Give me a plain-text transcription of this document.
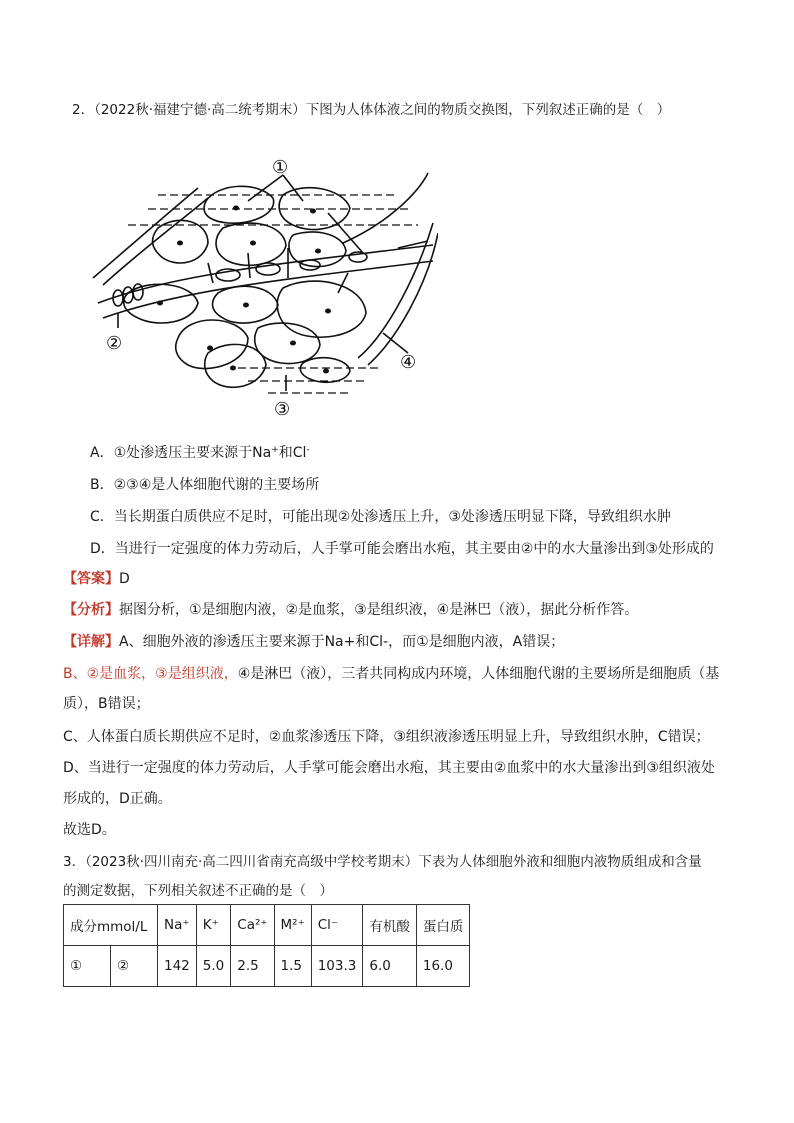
2．（2022秋·福建宁德·高二统考期末）下图为人体体液之间的物质交换图，下列叙述正确的是（　）
①
②
③
④
A．①处渗透压主要来源于Na+和Cl-
B．②③④是人体细胞代谢的主要场所
C．当长期蛋白质供应不足时，可能出现②处渗透压上升，③处渗透压明显下降，导致组织水肿
D．当进行一定强度的体力劳动后，人手掌可能会磨出水疱，其主要由②中的水大量渗出到③处形成的
【答案】D
【分析】据图分析，①是细胞内液，②是血浆，③是组织液，④是淋巴（液），据此分析作答。
【详解】A、细胞外液的渗透压主要来源于Na+和Cl-，而①是细胞内液，A错误；
B、②是血浆，③是组织液，④是淋巴（液），三者共同构成内环境，人体细胞代谢的主要场所是细胞质（基
质），B错误；
C、人体蛋白质长期供应不足时，②血浆渗透压下降，③组织液渗透压明显上升，导致组织水肿，C错误；
D、当进行一定强度的体力劳动后，人手掌可能会磨出水疱，其主要由②血浆中的水大量渗出到③组织液处
形成的，D正确。
故选D。
3．（2023秋·四川南充·高二四川省南充高级中学校考期末）下表为人体细胞外液和细胞内液物质组成和含量
的测定数据，下列相关叙述不正确的是（　）
成分mmol/L		Na⁺	K⁺	Ca²⁺	M²⁺	Cl⁻	有机酸	蛋白质
①	②	142	5.0	2.5	1.5	103.3	6.0	16.0
